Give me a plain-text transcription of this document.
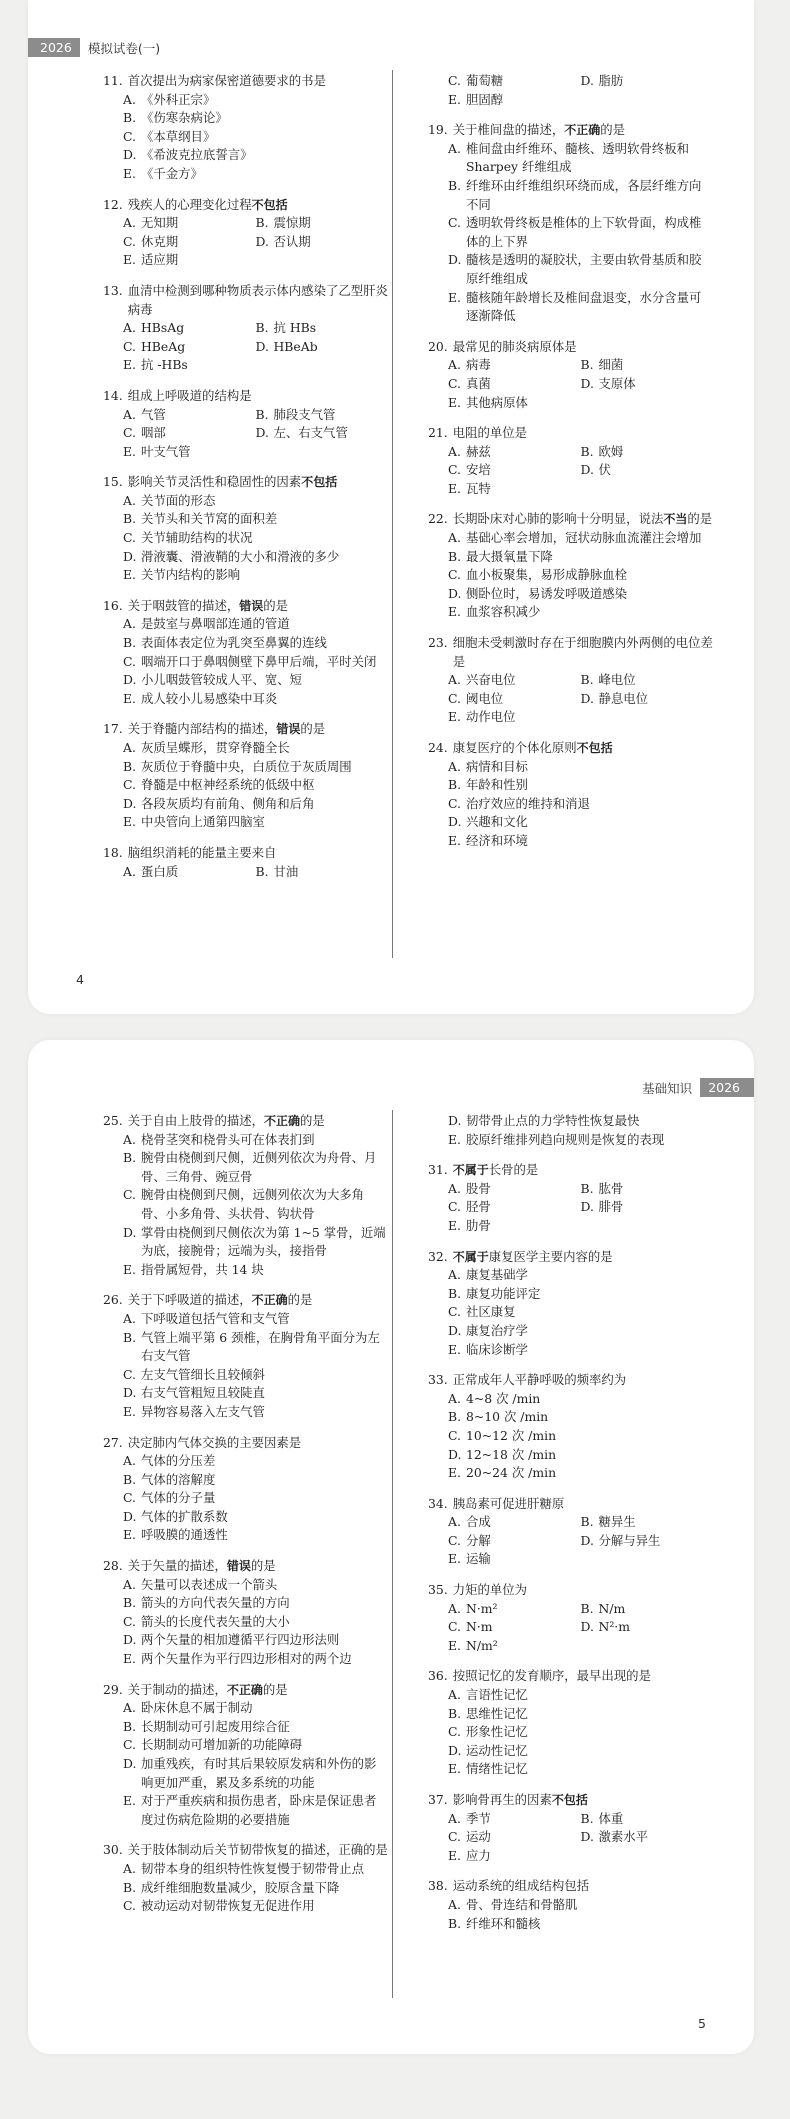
2026	模拟试卷(一)
11. 首次提出为病家保密道德要求的书是
A. 《外科正宗》
B. 《伤寒杂病论》
C. 《本草纲目》
D. 《希波克拉底誓言》
E. 《千金方》
12. 残疾人的心理变化过程不包括
A. 无知期	B. 震惊期
C. 休克期	D. 否认期
E. 适应期
13. 血清中检测到哪种物质表示体内感染了乙型肝炎病毒
A. HBsAg	B. 抗 HBs
C. HBeAg	D. HBeAb
E. 抗 -HBs
14. 组成上呼吸道的结构是
A. 气管	B. 肺段支气管
C. 咽部	D. 左、右支气管
E. 叶支气管
15. 影响关节灵活性和稳固性的因素不包括
A. 关节面的形态
B. 关节头和关节窝的面积差
C. 关节辅助结构的状况
D. 滑液囊、滑液鞘的大小和滑液的多少
E. 关节内结构的影响
16. 关于咽鼓管的描述，错误的是
A. 是鼓室与鼻咽部连通的管道
B. 表面体表定位为乳突至鼻翼的连线
C. 咽端开口于鼻咽侧壁下鼻甲后端，平时关闭
D. 小儿咽鼓管较成人平、宽、短
E. 成人较小儿易感染中耳炎
17. 关于脊髓内部结构的描述，错误的是
A. 灰质呈蝶形，贯穿脊髓全长
B. 灰质位于脊髓中央，白质位于灰质周围
C. 脊髓是中枢神经系统的低级中枢
D. 各段灰质均有前角、侧角和后角
E. 中央管向上通第四脑室
18. 脑组织消耗的能量主要来自
A. 蛋白质	B. 甘油
C. 葡萄糖	D. 脂肪
E. 胆固醇
19. 关于椎间盘的描述，不正确的是
A. 椎间盘由纤维环、髓核、透明软骨终板和 Sharpey 纤维组成
B. 纤维环由纤维组织环绕而成，各层纤维方向不同
C. 透明软骨终板是椎体的上下软骨面，构成椎体的上下界
D. 髓核是透明的凝胶状，主要由软骨基质和胶原纤维组成
E. 髓核随年龄增长及椎间盘退变，水分含量可逐渐降低
20. 最常见的肺炎病原体是
A. 病毒	B. 细菌
C. 真菌	D. 支原体
E. 其他病原体
21. 电阻的单位是
A. 赫兹	B. 欧姆
C. 安培	D. 伏
E. 瓦特
22. 长期卧床对心肺的影响十分明显，说法不当的是
A. 基础心率会增加，冠状动脉血流灌注会增加
B. 最大摄氧量下降
C. 血小板聚集，易形成静脉血栓
D. 侧卧位时，易诱发呼吸道感染
E. 血浆容积减少
23. 细胞未受刺激时存在于细胞膜内外两侧的电位差是
A. 兴奋电位	B. 峰电位
C. 阈电位	D. 静息电位
E. 动作电位
24. 康复医疗的个体化原则不包括
A. 病情和目标
B. 年龄和性别
C. 治疗效应的维持和消退
D. 兴趣和文化
E. 经济和环境
4
基础知识	2026
25. 关于自由上肢骨的描述，不正确的是
A. 桡骨茎突和桡骨头可在体表扪到
B. 腕骨由桡侧到尺侧，近侧列依次为舟骨、月骨、三角骨、豌豆骨
C. 腕骨由桡侧到尺侧，远侧列依次为大多角骨、小多角骨、头状骨、钩状骨
D. 掌骨由桡侧到尺侧依次为第 1~5 掌骨，近端为底，接腕骨；远端为头，接指骨
E. 指骨属短骨，共 14 块
26. 关于下呼吸道的描述，不正确的是
A. 下呼吸道包括气管和支气管
B. 气管上端平第 6 颈椎，在胸骨角平面分为左右支气管
C. 左支气管细长且较倾斜
D. 右支气管粗短且较陡直
E. 异物容易落入左支气管
27. 决定肺内气体交换的主要因素是
A. 气体的分压差
B. 气体的溶解度
C. 气体的分子量
D. 气体的扩散系数
E. 呼吸膜的通透性
28. 关于矢量的描述，错误的是
A. 矢量可以表述成一个箭头
B. 箭头的方向代表矢量的方向
C. 箭头的长度代表矢量的大小
D. 两个矢量的相加遵循平行四边形法则
E. 两个矢量作为平行四边形相对的两个边
29. 关于制动的描述，不正确的是
A. 卧床休息不属于制动
B. 长期制动可引起废用综合征
C. 长期制动可增加新的功能障碍
D. 加重残疾，有时其后果较原发病和外伤的影响更加严重，累及多系统的功能
E. 对于严重疾病和损伤患者，卧床是保证患者度过伤病危险期的必要措施
30. 关于肢体制动后关节韧带恢复的描述，正确的是
A. 韧带本身的组织特性恢复慢于韧带骨止点
B. 成纤维细胞数量减少，胶原含量下降
C. 被动运动对韧带恢复无促进作用
D. 韧带骨止点的力学特性恢复最快
E. 胶原纤维排列趋向规则是恢复的表现
31. 不属于长骨的是
A. 股骨	B. 肱骨
C. 胫骨	D. 腓骨
E. 肋骨
32. 不属于康复医学主要内容的是
A. 康复基础学
B. 康复功能评定
C. 社区康复
D. 康复治疗学
E. 临床诊断学
33. 正常成年人平静呼吸的频率约为
A. 4~8 次 /min
B. 8~10 次 /min
C. 10~12 次 /min
D. 12~18 次 /min
E. 20~24 次 /min
34. 胰岛素可促进肝糖原
A. 合成	B. 糖异生
C. 分解	D. 分解与异生
E. 运输
35. 力矩的单位为
A. N·m²	B. N/m
C. N·m	D. N²·m
E. N/m²
36. 按照记忆的发育顺序，最早出现的是
A. 言语性记忆
B. 思维性记忆
C. 形象性记忆
D. 运动性记忆
E. 情绪性记忆
37. 影响骨再生的因素不包括
A. 季节	B. 体重
C. 运动	D. 激素水平
E. 应力
38. 运动系统的组成结构包括
A. 骨、骨连结和骨骼肌
B. 纤维环和髓核
5
